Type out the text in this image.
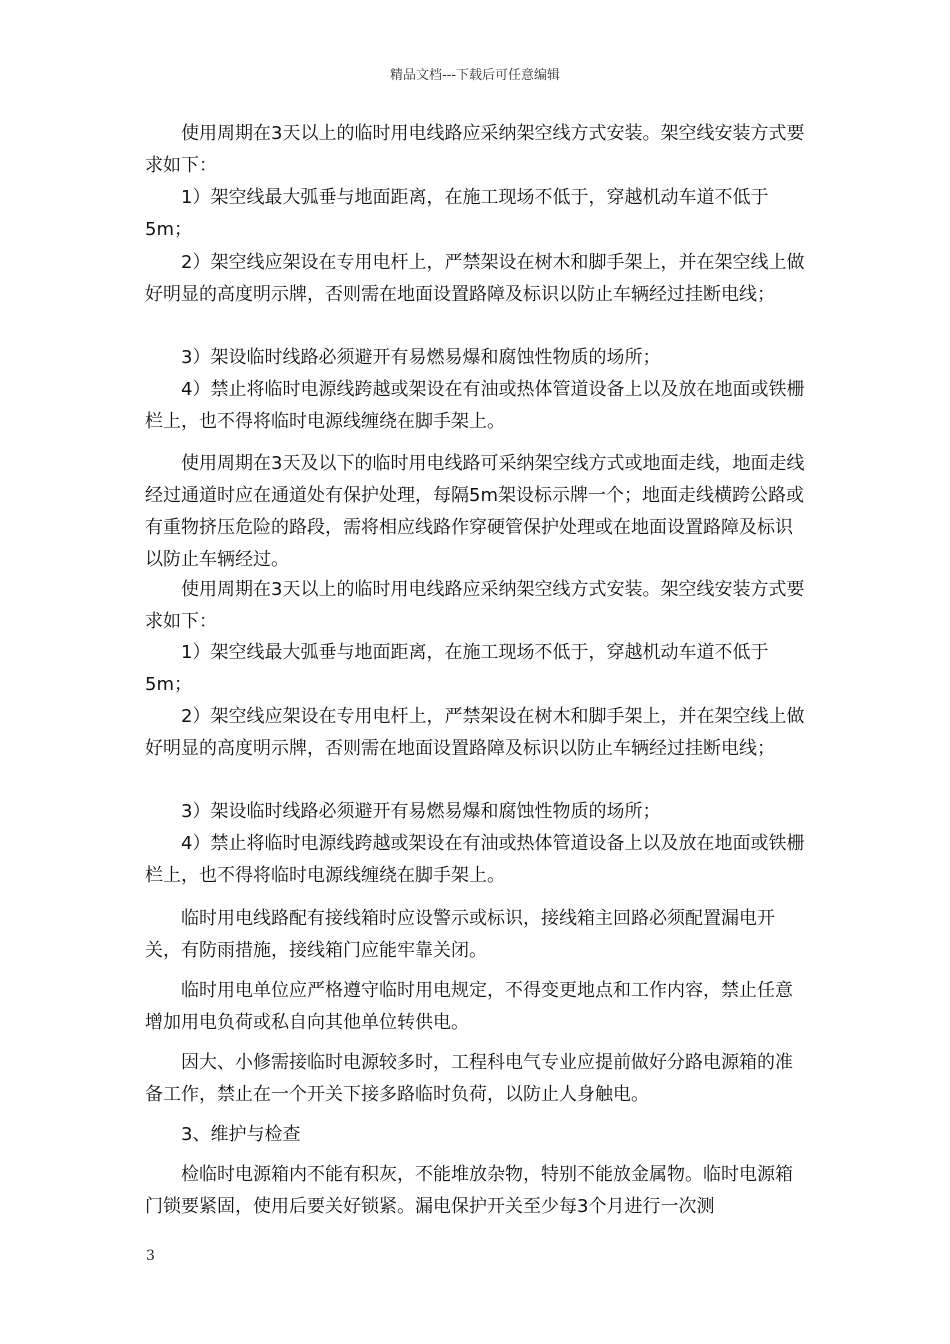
精品文档---下载后可任意编辑

　　使用周期在3天以上的临时用电线路应采纳架空线方式安装。架空线安装方式要求如下：

　　1）架空线最大弧垂与地面距离，在施工现场不低于，穿越机动车道不低于5m；

　　2）架空线应架设在专用电杆上，严禁架设在树木和脚手架上，并在架空线上做好明显的高度明示牌，否则需在地面设置路障及标识以防止车辆经过挂断电线；

　　3）架设临时线路必须避开有易燃易爆和腐蚀性物质的场所；

　　4）禁止将临时电源线跨越或架设在有油或热体管道设备上以及放在地面或铁栅栏上，也不得将临时电源线缠绕在脚手架上。

　　使用周期在3天及以下的临时用电线路可采纳架空线方式或地面走线，地面走线经过通道时应在通道处有保护处理，每隔5m架设标示牌一个；地面走线横跨公路或有重物挤压危险的路段，需将相应线路作穿硬管保护处理或在地面设置路障及标识以防止车辆经过。

　　使用周期在3天以上的临时用电线路应采纳架空线方式安装。架空线安装方式要求如下：

　　1）架空线最大弧垂与地面距离，在施工现场不低于，穿越机动车道不低于5m；

　　2）架空线应架设在专用电杆上，严禁架设在树木和脚手架上，并在架空线上做好明显的高度明示牌，否则需在地面设置路障及标识以防止车辆经过挂断电线；

　　3）架设临时线路必须避开有易燃易爆和腐蚀性物质的场所；

　　4）禁止将临时电源线跨越或架设在有油或热体管道设备上以及放在地面或铁栅栏上，也不得将临时电源线缠绕在脚手架上。

　　临时用电线路配有接线箱时应设警示或标识，接线箱主回路必须配置漏电开关，有防雨措施，接线箱门应能牢靠关闭。

　　临时用电单位应严格遵守临时用电规定，不得变更地点和工作内容，禁止任意增加用电负荷或私自向其他单位转供电。

　　因大、小修需接临时电源较多时，工程科电气专业应提前做好分路电源箱的准备工作，禁止在一个开关下接多路临时负荷，以防止人身触电。

　　3、维护与检查

　　检临时电源箱内不能有积灰，不能堆放杂物，特别不能放金属物。临时电源箱门锁要紧固，使用后要关好锁紧。漏电保护开关至少每3个月进行一次测

3
